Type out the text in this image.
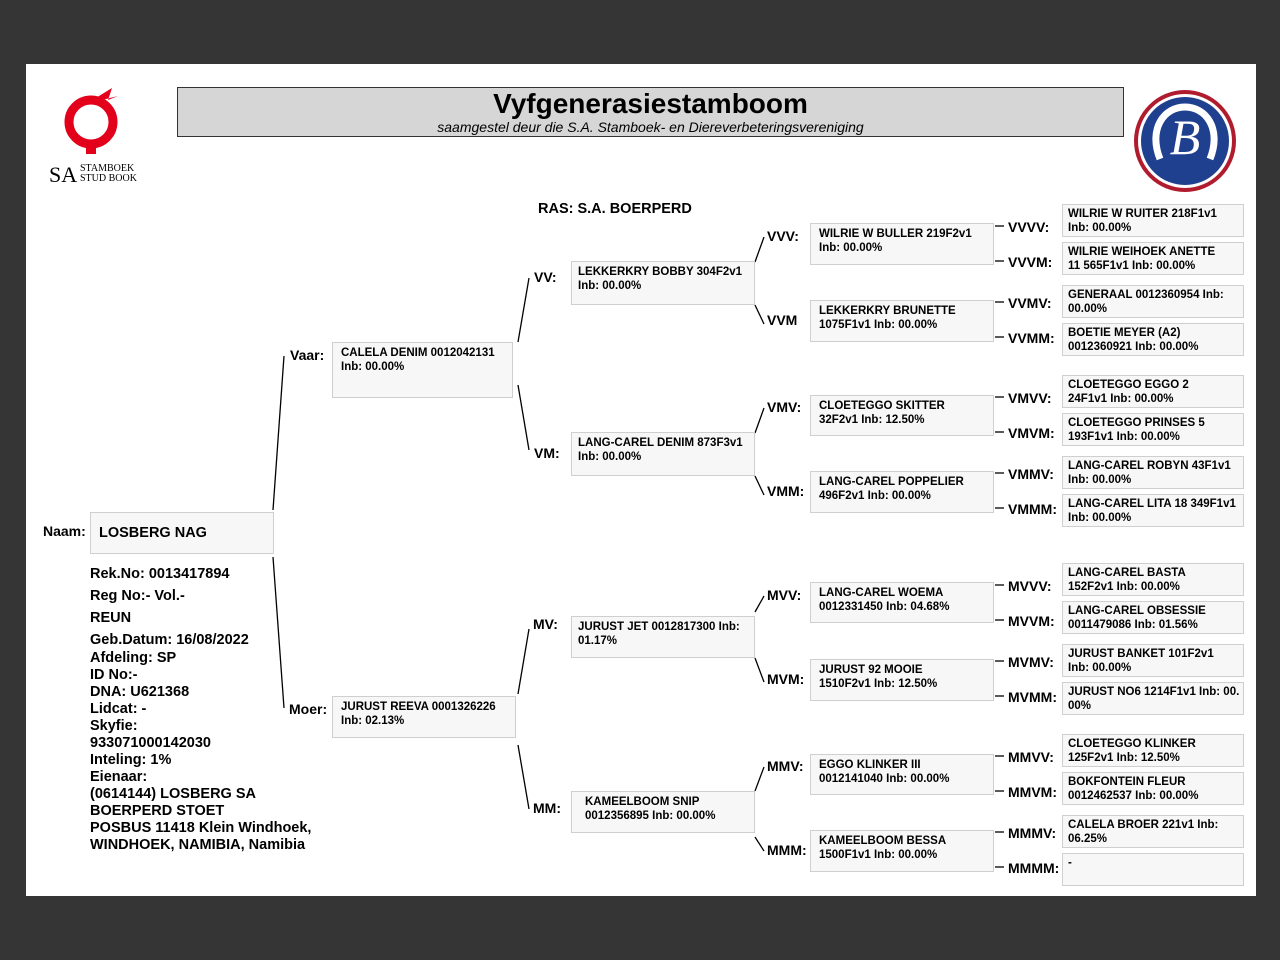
SA STAMBOEK
STUD BOOK
Vyfgenerasiestamboom
saamgestel deur die S.A. Stamboek- en Diereverbeteringsvereniging	B
RAS: S.A. BOERPERD
Naam: LOSBERG NAG
Rek.No: 0013417894
Reg No:- Vol.-
REUN
Geb.Datum: 16/08/2022
Afdeling: SP
ID No:-
DNA: U621368
Lidcat: -
Skyfie:
933071000142030
Inteling: 1%
Eienaar:
(0614144) LOSBERG SA
BOERPERD STOET
POSBUS 11418 Klein Windhoek,
WINDHOEK, NAMIBIA, Namibia
Vaar: CALELA DENIM 0012042131
Inb: 00.00%
Moer: JURUST REEVA 0001326226
Inb: 02.13%
VV: LEKKERKRY BOBBY 304F2v1
Inb: 00.00%
VM:
LANG-CAREL DENIM 873F3v1
Inb: 00.00%
MV: JURUST JET 0012817300 Inb:
01.17%
MM: KAMEELBOOM SNIP
0012356895 Inb: 00.00%
VVV: WILRIE W BULLER 219F2v1
Inb: 00.00%
VVM
LEKKERKRY BRUNETTE
1075F1v1 Inb: 00.00%
VMV: CLOETEGGO SKITTER
32F2v1 Inb: 12.50%
VMM:
LANG-CAREL POPPELIER
496F2v1 Inb: 00.00%
MVV: LANG-CAREL WOEMA
0012331450 Inb: 04.68%
MVM:
JURUST 92 MOOIE
1510F2v1 Inb: 12.50%
MMV: EGGO KLINKER III
0012141040 Inb: 00.00%
MMM:
KAMEELBOOM BESSA
1500F1v1 Inb: 00.00%
VVVV:
WILRIE W RUITER 218F1v1
Inb: 00.00%
VVVM:
WILRIE WEIHOEK ANETTE
11 565F1v1 Inb: 00.00%
VVMV: GENERAAL 0012360954 Inb:
00.00%
VVMM: BOETIE MEYER (A2)
0012360921 Inb: 00.00%
VMVV:
CLOETEGGO EGGO 2
24F1v1 Inb: 00.00%
VMVM:
CLOETEGGO PRINSES 5
193F1v1 Inb: 00.00%
VMMV: LANG-CAREL ROBYN 43F1v1
Inb: 00.00%
VMMM: LANG-CAREL LITA 18 349F1v1
Inb: 00.00%
MVVV:
LANG-CAREL BASTA
152F2v1 Inb: 00.00%
MVVM:
LANG-CAREL OBSESSIE
0011479086 Inb: 01.56%
MVMV: JURUST BANKET 101F2v1
Inb: 00.00%
MVMM: JURUST NO6 1214F1v1 Inb: 00.
00%
MMVV:
CLOETEGGO KLINKER
125F2v1 Inb: 12.50%
MMVM:
BOKFONTEIN FLEUR
0012462537 Inb: 00.00%
MMMV: CALELA BROER 221v1 Inb:
06.25%
MMMM: -
